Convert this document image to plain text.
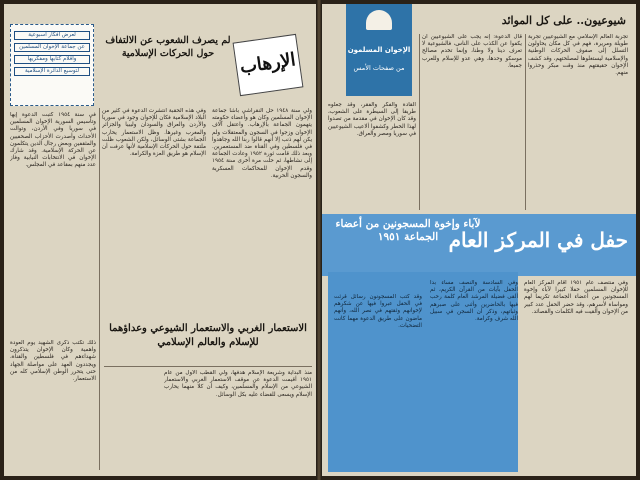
لعرض أفكار أسبوعية
عن جماعة الإخوان المسلمين
وأقلام كتابها ومفكريها
لتوسيع الدائرة الإسلامية
لم يصرف الشعوب عن الالتفاف حول الحركات الإسلامية	الإرهاب

في سنة ١٩٥٤ كتبت الدعوة إيها وتأسيس السورية الإخوان المسلمين في سوريا وفي الأردن، وتوالت الأحداث وأصدرت الأحزاب الصحفيين والمثقفين وبعض رجال الدين يتكلمون عن الحركة الإسلامية. وقد شارك الإخوان في الانتخابات النيابية وفاز عدد منهم بمقاعد في المجلس.

وفي هذه الحقبة انتشرت الدعوة في كثير من البلاد الإسلامية فكان للإخوان وجود في سوريا والأردن والعراق والسودان وليبيا والجزائر والمغرب وغيرها. وظل الاستعمار يحارب الجماعة بشتى الوسائل، ولكن الشعوب ظلت ملتفة حول الحركات الإسلامية لأنها عرفت أن الإسلام هو طريق العزة والكرامة.

ولي سنة ١٩٤٨ حل النقراشي باشا جماعة الإخوان المسلمين وكان هو وأعضاء حكومته يتهمون الجماعة بالإرهاب. واعتقل آلاف الإخوان وزجوا في السجون والمعتقلات ولم يكن لهم ذنب إلا أنهم قالوا ربنا الله وجاهدوا في فلسطين وفي القناة ضد المستعمرين. وبعد ذلك قامت ثورة ١٩٥٢ وعادت الجماعة إلى نشاطها، ثم حلت مرة أخرى سنة ١٩٥٤ وقدم الإخوان للمحاكمات العسكرية والسجون الحربية.

الاستعمار الغربي والاستعمار الشيوعي وعداؤهما للإسلام والعالم الإسلامي

منذ البداية وشريعة الإسلام هدفها، ولي القطب الأول من عام ١٩٥١ أقيمت الدعوة عن موقف الاستعمار الغربي والاستعمار الشيوعي من الإسلام والمسلمين، وكيف أن كلا منهما يحارب الإسلام ويسعى للقضاء عليه بكل الوسائل.

ذلك تكتب ذكرى الشهيد يوم العودة واهمية وكان الإخوان يتذكرون شهداءهم في فلسطين والقناة، ويجددون العهد على مواصلة الجهاد حتى يتحرر الوطن الإسلامي كله من الاستعمار.

الإخوان المسلمون
من صفحات الأمس
شيوعيون.. على كل الموائد

تجربة العالم الإسلامي مع الشيوعيين تجربة طويلة ومريرة، فهم في كل مكان يحاولون التسلل إلى صفوف الحركات الوطنية والإسلامية ليستغلوها لمصلحتهم، وقد كشف الإخوان حقيقتهم منذ وقت مبكر وحذروا منهم.

قال الدعوة: إنه يجب على الشيوعيين أن يكفوا عن الكذب على الناس، فالشيوعية لا تعرف دينا ولا وطنا، وإنما تخدم مصالح موسكو وحدها، وهي عدو للإسلام وللعرب جميعا.

القادة والفكر والفقر، وقد جعلوه طريقا إلى السيطرة على الشعوب، وقد كان الإخوان في مقدمة من تصدوا لهذا الخطر وكشفوا ألاعيب الشيوعيين في سوريا ومصر والعراق.

حفل في المركز العام
لآباء وإخوة المسجونين من أعضاء الجماعة ١٩٥١

وفي منتصف عام ١٩٥١ أقام المركز العام للإخوان المسلمين حفلا كبيرا لآباء وإخوة المسجونين من أعضاء الجماعة تكريما لهم ومواساة لأسرهم، وقد حضر الحفل عدد كبير من الإخوان وألقيت فيه الكلمات والقصائد.

وفي السادسة والنصف مساء بدأ الحفل بآيات من القرآن الكريم، ثم ألقى فضيلة المرشد العام كلمة رحب فيها بالحاضرين وأثنى على صبرهم وثباتهم، وذكر أن السجن في سبيل الله شرف وكرامة.

وقد كتب المسجونون رسائل قرئت في الحفل عبروا فيها عن شكرهم لإخوانهم وثقتهم في نصر الله، وأنهم ماضون على طريق الدعوة مهما كانت التضحيات.
